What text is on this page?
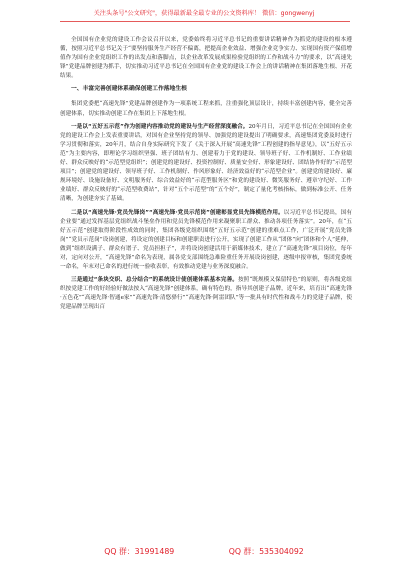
关注头条号"公文研究"，获得最新最全最专业的公文资料库！ 微信：gongwenyj

全国国有企业党的建设工作会议召开以来，党委始终将习近平总书记的重要讲话精神作为抓党的建设的根本遵循，按照习近平总书记关于“要坚持服务生产经营不偏离，把提高企业效益、增强企业竞争实力、实现国有资产保值增值作为国有企业党组织工作的出发点和落脚点，以企业改革发展成果检验党组织的工作和战斗力”的要求，以“高速先锋”党建品牌创建为抓手，切实推动习近平总书记在全国国有企业党的建设工作会上的讲话精神在集团落地生根、开花结果。

一、丰富完善创建体系确保创建工作落地生根

集团党委把“高速先锋”党建品牌创建作为一项系统工程来抓，注重强化顶层设计，持续丰富创建内容，健全完善创建体系，切实推动创建工作在集团上下落地生根。

一是以“五好五示范”作为创建内容推动党的建设与生产经营深度融合。20年月日，习近平总书记在全国国有企业党的建设工作会上发表重要讲话，对国有企业坚持党的领导、加强党的建设提出了明确要求，高速集团党委及时进行学习贯彻和落实，20年月，结合自身实际研究下发了《关于深入开展“高速先锋”工程创建的指导意见》，以“五好五示范”为主要内容，即理论学习组织坚强、班子团结有力、创建着力于党的建设、领导班子好、工作机制好、工作业绩好、群众反映好的“示范型党组织”；创建党的建设好、投资控制好、质量安全好、形象建设好、团结协作好的“示范型项目”；创建党的建设好、领导班子好、工作机制好、作风形象好、经济效益好的“示范型企业”。创建党的建设好、廉规环境好、设施设备好、文明服务好、综合效益好的“示范型服务区”和党的建设好、微笑服务好、遵章守纪好、工作业绩好、群众反映好的“示范型收费站”，针对“五个示范型”的“五个好”，制定了量化考核指标，做到标准公开、任务清晰，为创建夯实了基础。

二是以“高速先锋·党员先锋岗”“高速先锋·党员示范岗”创建彰显党员先锋模范作用。以习近平总书记提出，国有企业要“通过发挥基层党组织战斗堡垒作用和党员先锋模范作用来凝聚职工群众、推动各项任务落实”。20年，在“五好五示范”创建取得阶段性成效的同时，集团各级党组织围绕“五好五示范”创建的重难点工作，广泛开展“党员先锋岗”“党员示范岗”设岗创建，将设定的创建目标和创建职责进行公开，实现了创建工作从“团体”向“团体和个人”延伸，做到“组织设满子、群众有谱子、党员担担子”，并将设岗创建活用于新媒体技术，建立了“高速先锋”项目岗位，每年对，定向对公开，“高速先锋”命名为表现，属各党支部围绕急难险重任务开展设岗创建，逐级申报审核，集团党委统一命名，年末对已命名的进行统一验收表彰，有效推动党建与业务深度融合。

三是通过“条块交织、总分结合”的系统设计使创建体系基本完善。按照“既规模又保留特色”的原则，将各级党组织按党建工作的好经验好做法按入“高速先锋”创建体系，确有特色的，指导其创建子品牌，近年来，培育出“高速先锋·五色花”“高速先锋·智通e家”“高速先锋·清悠驿行”“高速先锋·阿雷团队”等一批具有时代性和战斗力的党建子品牌，使党建品牌呈现出百

QQ 群：31991489	QQ 群：535304092
